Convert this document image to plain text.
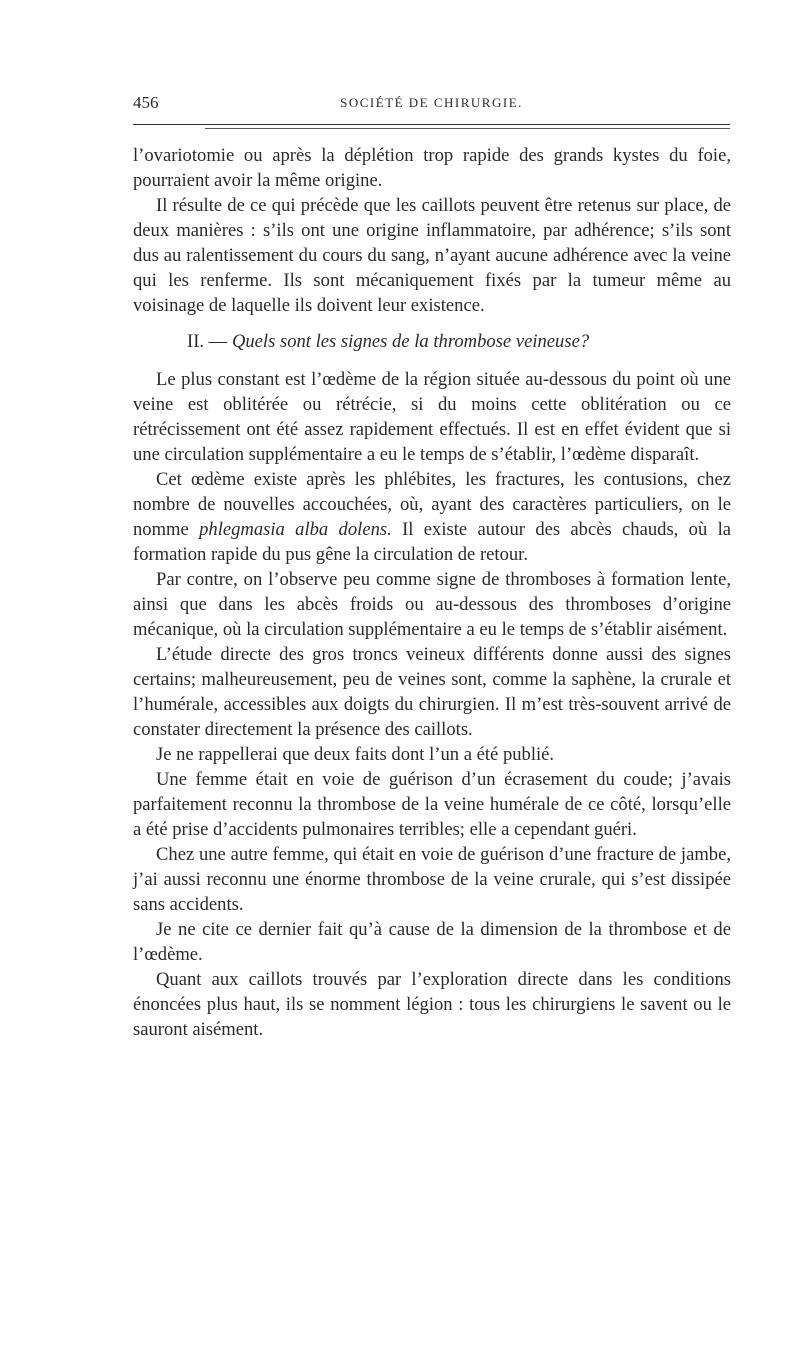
456	SOCIÉTÉ DE CHIRURGIE.

l’ovariotomie ou après la déplétion trop rapide des grands kystes du foie, pourraient avoir la même origine.

Il résulte de ce qui précède que les caillots peuvent être retenus sur place, de deux manières : s’ils ont une origine inflammatoire, par adhérence; s’ils sont dus au ralentissement du cours du sang, n’ayant aucune adhérence avec la veine qui les renferme. Ils sont mécaniquement fixés par la tumeur même au voisinage de laquelle ils doivent leur existence.

II. — Quels sont les signes de la thrombose veineuse?

Le plus constant est l’œdème de la région située au-dessous du point où une veine est oblitérée ou rétrécie, si du moins cette oblitération ou ce rétrécissement ont été assez rapidement effectués. Il est en effet évident que si une circulation supplémentaire a eu le temps de s’établir, l’œdème disparaît.

Cet œdème existe après les phlébites, les fractures, les contusions, chez nombre de nouvelles accouchées, où, ayant des caractères particuliers, on le nomme phlegmasia alba dolens. Il existe autour des abcès chauds, où la formation rapide du pus gêne la circulation de retour.

Par contre, on l’observe peu comme signe de thromboses à formation lente, ainsi que dans les abcès froids ou au-dessous des thromboses d’origine mécanique, où la circulation supplémentaire a eu le temps de s’établir aisément.

L’étude directe des gros troncs veineux différents donne aussi des signes certains; malheureusement, peu de veines sont, comme la saphène, la crurale et l’humérale, accessibles aux doigts du chirurgien. Il m’est très-souvent arrivé de constater directement la présence des caillots.

Je ne rappellerai que deux faits dont l’un a été publié.

Une femme était en voie de guérison d’un écrasement du coude; j’avais parfaitement reconnu la thrombose de la veine humérale de ce côté, lorsqu’elle a été prise d’accidents pulmonaires terribles; elle a cependant guéri.

Chez une autre femme, qui était en voie de guérison d’une fracture de jambe, j’ai aussi reconnu une énorme thrombose de la veine crurale, qui s’est dissipée sans accidents.

Je ne cite ce dernier fait qu’à cause de la dimension de la thrombose et de l’œdème.

Quant aux caillots trouvés par l’exploration directe dans les conditions énoncées plus haut, ils se nomment légion : tous les chirurgiens le savent ou le sauront aisément.
